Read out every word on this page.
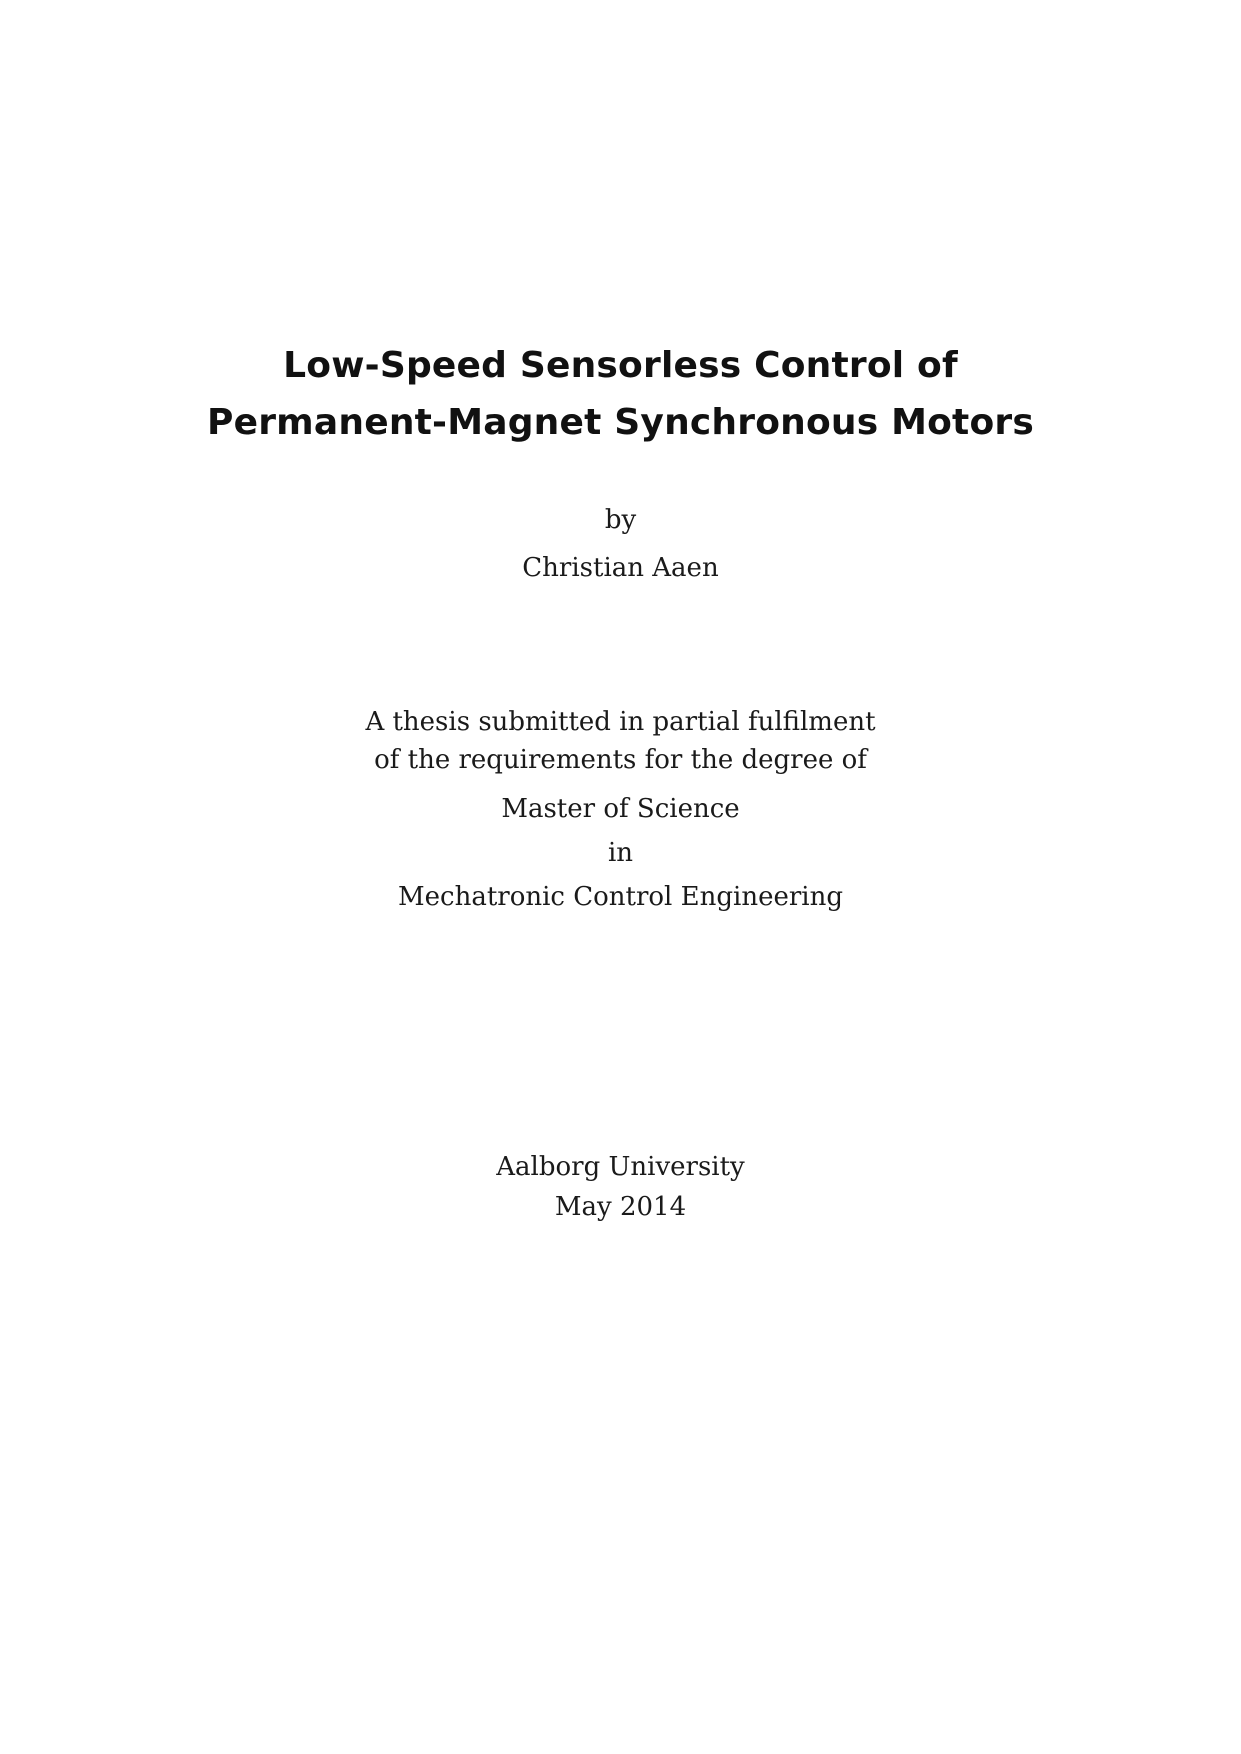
Low-Speed Sensorless Control of
Permanent-Magnet Synchronous Motors
by
Christian Aaen
A thesis submitted in partial fulfilment
of the requirements for the degree of
Master of Science
in
Mechatronic Control Engineering
Aalborg University
May 2014
